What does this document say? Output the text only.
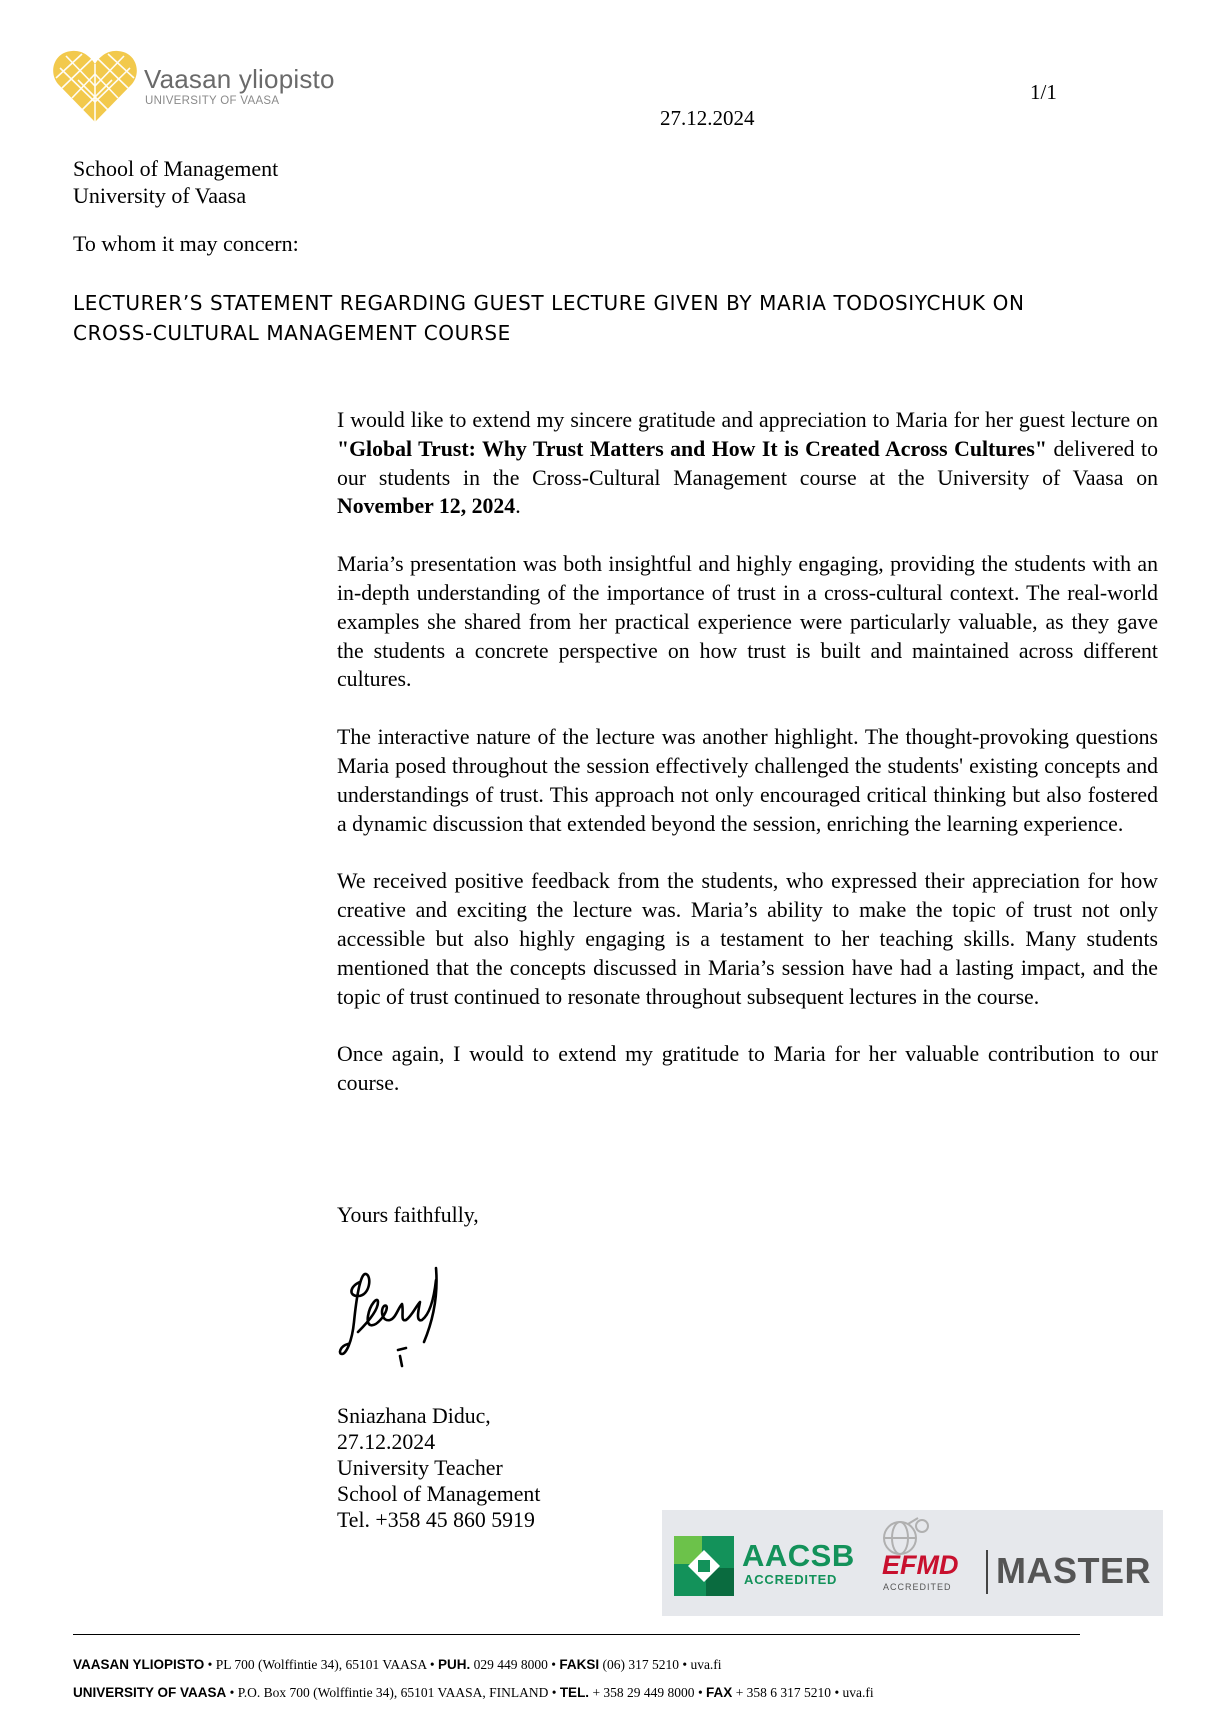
Vaasan yliopisto
UNIVERSITY OF VAASA	1/1
27.12.2024
School of Management
University of Vaasa
To whom it may concern:
LECTURER’S STATEMENT REGARDING GUEST LECTURE GIVEN BY MARIA TODOSIYCHUK ON
CROSS-CULTURAL MANAGEMENT COURSE

I would like to extend my sincere gratitude and appreciation to Maria for her guest lecture on "Global Trust: Why Trust Matters and How It is Created Across Cultures" delivered to our students in the Cross-Cultural Management course at the University of Vaasa on November 12, 2024.

Maria’s presentation was both insightful and highly engaging, providing the students with an in-depth understanding of the importance of trust in a cross-cultural context. The real-world examples she shared from her practical experience were particularly valuable, as they gave the students a concrete perspective on how trust is built and maintained across different cultures.

The interactive nature of the lecture was another highlight. The thought-provoking questions Maria posed throughout the session effectively challenged the students' existing concepts and understandings of trust. This approach not only encouraged critical thinking but also fostered a dynamic discussion that extended beyond the session, enriching the learning experience.

We received positive feedback from the students, who expressed their appreciation for how creative and exciting the lecture was. Maria’s ability to make the topic of trust not only accessible but also highly engaging is a testament to her teaching skills. Many students mentioned that the concepts discussed in Maria’s session have had a lasting impact, and the topic of trust continued to resonate throughout subsequent lectures in the course.

Once again, I would to extend my gratitude to Maria for her valuable contribution to our course.

Yours faithfully,
Sniazhana Diduc,
27.12.2024
University Teacher
School of Management
Tel. +358 45 860 5919
AACSB
ACCREDITED EFMD
ACCREDITED MASTER
VAASAN YLIOPISTO • PL 700 (Wolffintie 34), 65101 VAASA • PUH. 029 449 8000 • FAKSI (06) 317 5210 • uva.fi
UNIVERSITY OF VAASA • P.O. Box 700 (Wolffintie 34), 65101 VAASA, FINLAND • TEL. + 358 29 449 8000 • FAX + 358 6 317 5210 • uva.fi
